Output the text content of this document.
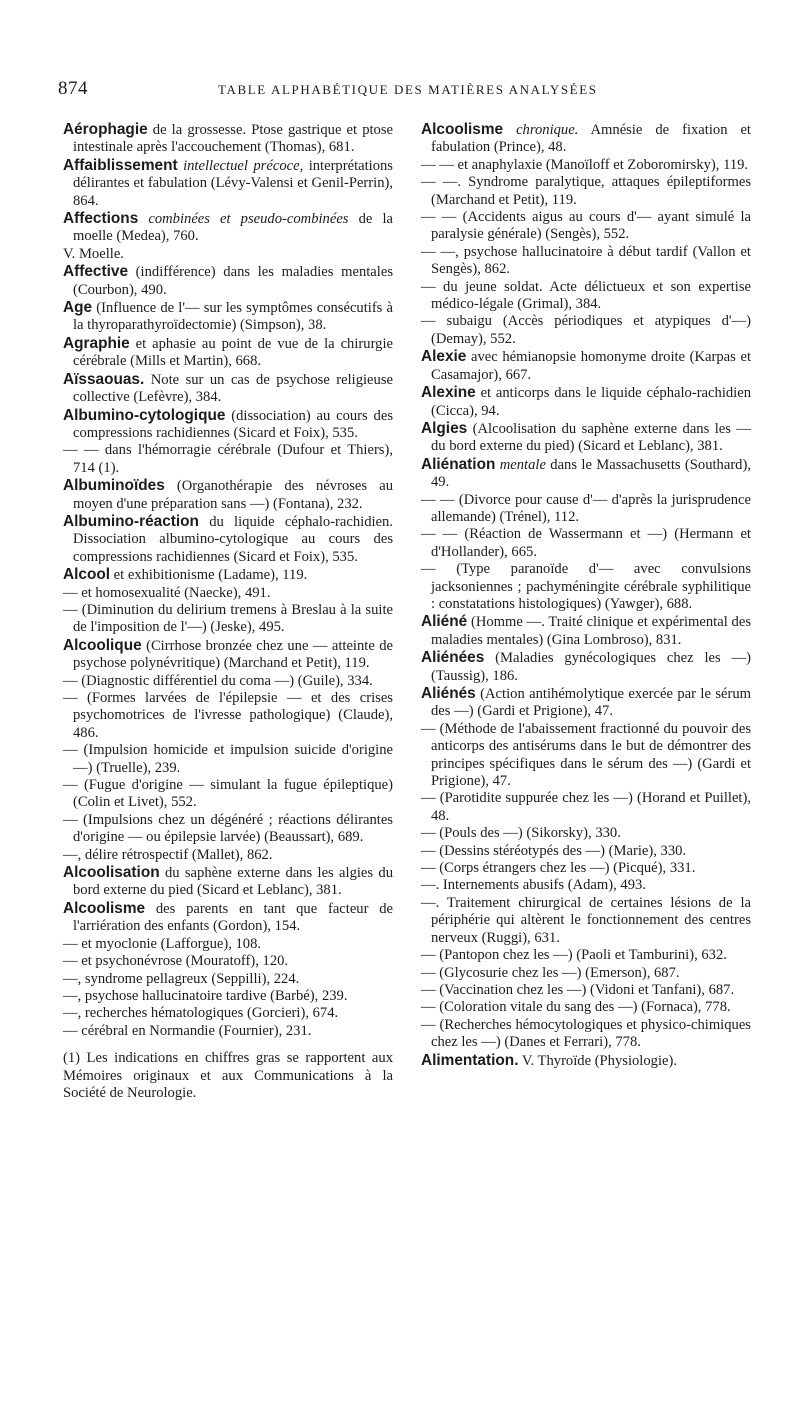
874	TABLE ALPHABÉTIQUE DES MATIÈRES ANALYSÉES

Aérophagie de la grossesse. Ptose gastrique et ptose intestinale après l'accouchement (Thomas), 681.

Affaiblissement intellectuel précoce, interprétations délirantes et fabulation (Lévy-Valensi et Genil-Perrin), 864.

Affections combinées et pseudo-combinées de la moelle (Medea), 760.

V. Moelle.

Affective (indifférence) dans les maladies mentales (Courbon), 490.

Age (Influence de l'— sur les symptômes consécutifs à la thyroparathyroïdectomie) (Simpson), 38.

Agraphie et aphasie au point de vue de la chirurgie cérébrale (Mills et Martin), 668.

Aïssaouas. Note sur un cas de psychose religieuse collective (Lefèvre), 384.

Albumino-cytologique (dissociation) au cours des compressions rachidiennes (Sicard et Foix), 535.

— — dans l'hémorragie cérébrale (Dufour et Thiers), 714 (1).

Albuminoïdes (Organothérapie des névroses au moyen d'une préparation sans —) (Fontana), 232.

Albumino-réaction du liquide céphalo-rachidien. Dissociation albumino-cytologique au cours des compressions rachidiennes (Sicard et Foix), 535.

Alcool et exhibitionisme (Ladame), 119.

— et homosexualité (Naecke), 491.

— (Diminution du delirium tremens à Breslau à la suite de l'imposition de l'—) (Jeske), 495.

Alcoolique (Cirrhose bronzée chez une — atteinte de psychose polynévritique) (Marchand et Petit), 119.

— (Diagnostic différentiel du coma —) (Guile), 334.

— (Formes larvées de l'épilepsie — et des crises psychomotrices de l'ivresse pathologique) (Claude), 486.

— (Impulsion homicide et impulsion suicide d'origine —) (Truelle), 239.

— (Fugue d'origine — simulant la fugue épileptique) (Colin et Livet), 552.

— (Impulsions chez un dégénéré ; réactions délirantes d'origine — ou épilepsie larvée) (Beaussart), 689.

—, délire rétrospectif (Mallet), 862.

Alcoolisation du saphène externe dans les algies du bord externe du pied (Sicard et Leblanc), 381.

Alcoolisme des parents en tant que facteur de l'arriération des enfants (Gordon), 154.

— et myoclonie (Lafforgue), 108.

— et psychonévrose (Mouratoff), 120.

—, syndrome pellagreux (Seppilli), 224.

—, psychose hallucinatoire tardive (Barbé), 239.

—, recherches hématologiques (Gorcieri), 674.

— cérébral en Normandie (Fournier), 231.

(1) Les indications en chiffres gras se rapportent aux Mémoires originaux et aux Communications à la Société de Neurologie.

Alcoolisme chronique. Amnésie de fixation et fabulation (Prince), 48.

— — et anaphylaxie (Manoïloff et Zoboromirsky), 119.

— —. Syndrome paralytique, attaques épileptiformes (Marchand et Petit), 119.

— — (Accidents aigus au cours d'— ayant simulé la paralysie générale) (Sengès), 552.

— —, psychose hallucinatoire à début tardif (Vallon et Sengès), 862.

— du jeune soldat. Acte délictueux et son expertise médico-légale (Grimal), 384.

— subaigu (Accès périodiques et atypiques d'—) (Demay), 552.

Alexie avec hémianopsie homonyme droite (Karpas et Casamajor), 667.

Alexine et anticorps dans le liquide céphalo-rachidien (Cicca), 94.

Algies (Alcoolisation du saphène externe dans les — du bord externe du pied) (Sicard et Leblanc), 381.

Aliénation mentale dans le Massachusetts (Southard), 49.

— — (Divorce pour cause d'— d'après la jurisprudence allemande) (Trénel), 112.

— — (Réaction de Wassermann et —) (Hermann et d'Hollander), 665.

— (Type paranoïde d'— avec convulsions jacksoniennes ; pachyméningite cérébrale syphilitique : constatations histologiques) (Yawger), 688.

Aliéné (Homme —. Traité clinique et expérimental des maladies mentales) (Gina Lombroso), 831.

Aliénées (Maladies gynécologiques chez les —) (Taussig), 186.

Aliénés (Action antihémolytique exercée par le sérum des —) (Gardi et Prigione), 47.

— (Méthode de l'abaissement fractionné du pouvoir des anticorps des antisérums dans le but de démontrer des principes spécifiques dans le sérum des —) (Gardi et Prigione), 47.

— (Parotidite suppurée chez les —) (Horand et Puillet), 48.

— (Pouls des —) (Sikorsky), 330.

— (Dessins stéréotypés des —) (Marie), 330.

— (Corps étrangers chez les —) (Picqué), 331.

—. Internements abusifs (Adam), 493.

—. Traitement chirurgical de certaines lésions de la périphérie qui altèrent le fonctionnement des centres nerveux (Ruggi), 631.

— (Pantopon chez les —) (Paoli et Tamburini), 632.

— (Glycosurie chez les —) (Emerson), 687.

— (Vaccination chez les —) (Vidoni et Tanfani), 687.

— (Coloration vitale du sang des —) (Fornaca), 778.

— (Recherches hémocytologiques et physico-chimiques chez les —) (Danes et Ferrari), 778.

Alimentation. V. Thyroïde (Physiologie).
